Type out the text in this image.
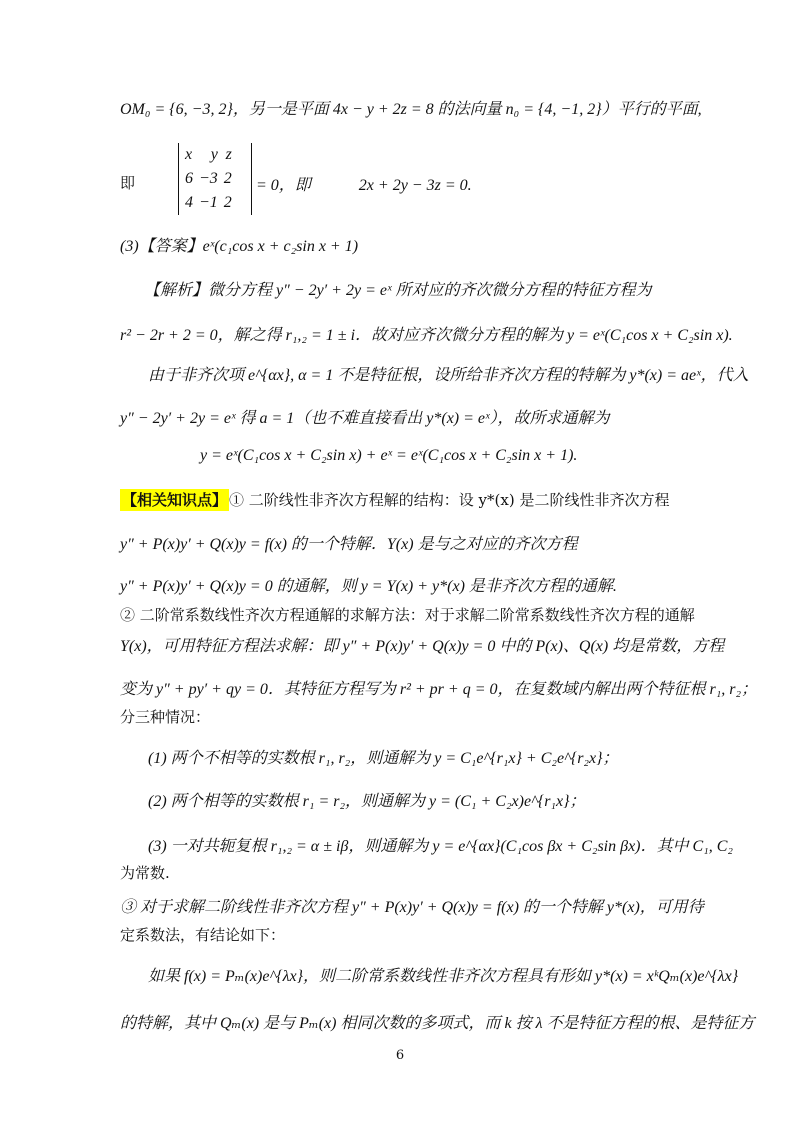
OM₀ = {6, −3, 2}，另一是平面 4x − y + 2z = 8 的法向量 n₀ = {4, −1, 2}）平行的平面,
即
x	y	z
6	−3	2
4	−1	2
= 0，即　　　2x + 2y − 3z = 0.
(3)【答案】eˣ(c₁cos x + c₂sin x + 1)
【解析】微分方程 y″ − 2y′ + 2y = eˣ 所对应的齐次微分方程的特征方程为
r² − 2r + 2 = 0，解之得 r₁,₂ = 1 ± i．故对应齐次微分方程的解为 y = eˣ(C₁cos x + C₂sin x).
由于非齐次项 e^{αx}, α = 1 不是特征根，设所给非齐次方程的特解为 y*(x) = aeˣ，代入
y″ − 2y′ + 2y = eˣ 得 a = 1（也不难直接看出 y*(x) = eˣ），故所求通解为
y = eˣ(C₁cos x + C₂sin x) + eˣ = eˣ(C₁cos x + C₂sin x + 1).
【相关知识点】 ① 二阶线性非齐次方程解的结构：设 y*(x) 是二阶线性非齐次方程
y″ + P(x)y′ + Q(x)y = f(x) 的一个特解．Y(x) 是与之对应的齐次方程
y″ + P(x)y′ + Q(x)y = 0 的通解，则 y = Y(x) + y*(x) 是非齐次方程的通解.
② 二阶常系数线性齐次方程通解的求解方法：对于求解二阶常系数线性齐次方程的通解
Y(x)，可用特征方程法求解：即 y″ + P(x)y′ + Q(x)y = 0 中的 P(x)、Q(x) 均是常数，方程
变为 y″ + py′ + qy = 0．其特征方程写为 r² + pr + q = 0，在复数域内解出两个特征根 r₁, r₂；
分三种情况：
(1) 两个不相等的实数根 r₁, r₂，则通解为 y = C₁e^{r₁x} + C₂e^{r₂x}；
(2) 两个相等的实数根 r₁ = r₂，则通解为 y = (C₁ + C₂x)e^{r₁x}；
(3) 一对共轭复根 r₁,₂ = α ± iβ，则通解为 y = e^{αx}(C₁cos βx + C₂sin βx)．其中 C₁, C₂
为常数.
③ 对于求解二阶线性非齐次方程 y″ + P(x)y′ + Q(x)y = f(x) 的一个特解 y*(x)，可用待
定系数法，有结论如下：
如果 f(x) = Pₘ(x)e^{λx}，则二阶常系数线性非齐次方程具有形如 y*(x) = xᵏQₘ(x)e^{λx}
的特解，其中 Qₘ(x) 是与 Pₘ(x) 相同次数的多项式，而 k 按 λ 不是特征方程的根、是特征方
6
